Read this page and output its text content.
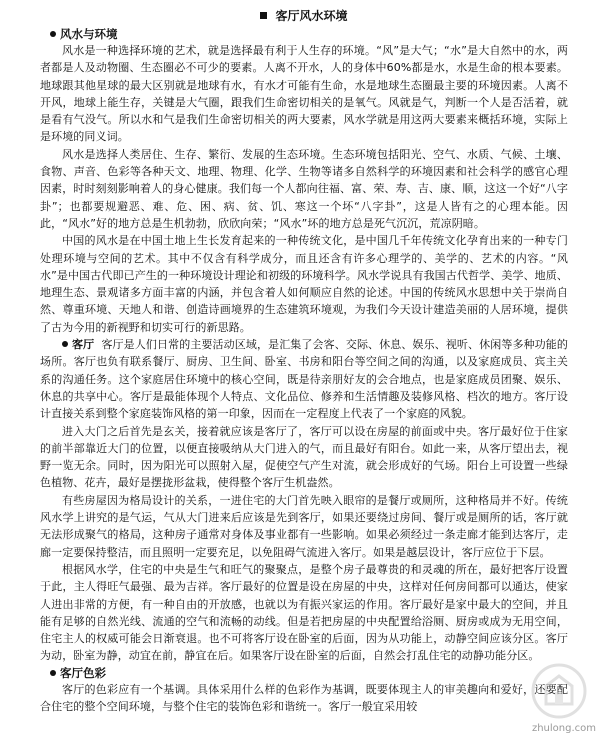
客厅风水环境
风水与环境

风水是一种选择环境的艺术，就是选择最有利于人生存的环境。“风”是大气；“水”是大自然中的水，两者都是人及动物圈、生态圈必不可少的要素。人离不开水，人的身体中60%都是水，水是生命的根本要素。地球跟其他星球的最大区别就是地球有水，有水才可能有生命，水是地球生态圈最主要的环境因素。人离不开风，地球上能生存，关键是大气圈，跟我们生命密切相关的是氧气。风就是气，判断一个人是否活着，就是看有气没气。所以水和气是我们生命密切相关的两大要素，风水学就是用这两大要素来概括环境，实际上是环境的同义词。

风水是选择人类居住、生存、繁衍、发展的生态环境。生态环境包括阳光、空气、水质、气候、土壤、食物、声音、色彩等各种天文、地理、物理、化学、生物等诸多自然科学的环境因素和社会科学的感官心理因素，时时刻刻影响着人的身心健康。我们每一个人都向往福、富、荣、寿、吉、康、顺，这这一个好“八字卦”；也都要规避恶、难、危、困、病、贫、饥、寒这一个坏“八字卦”，这是人皆有之的心理本能。因此，“风水”好的地方总是生机勃勃，欣欣向荣；“风水”坏的地方总是死气沉沉，荒凉阴暗。

中国的风水是在中国土地上生长发育起来的一种传统文化，是中国几千年传统文化孕育出来的一种专门处理环境与空间的艺术。其中不仅含有科学成分，而且还含有许多心理学的、美学的、艺术的内容。“风水”是中国古代即已产生的一种环境设计理论和初级的环境科学。风水学说具有我国古代哲学、美学、地质、地理生态、景观诸多方面丰富的内涵，并包含着人如何顺应自然的论述。中国的传统风水思想中关于崇尚自然、尊重环境、天地人和谐、创造诗画境界的生态建筑环境观，为我们今天设计建造美丽的人居环境，提供了古为今用的新视野和切实可行的新思路。

客厅 客厅是人们日常的主要活动区域，是汇集了会客、交际、休息、娱乐、视听、休闲等多种功能的场所。客厅也负有联系餐厅、厨房、卫生间、卧室、书房和阳台等空间之间的沟通，以及家庭成员、宾主关系的沟通任务。这个家庭居住环境中的核心空间，既是待亲朋好友的会合地点，也是家庭成员团聚、娱乐、休息的共享中心。客厅是最能体现个人特点、文化品位、修养和生活情趣及装修风格、档次的地方。客厅设计直接关系到整个家庭装饰风格的第一印象，因而在一定程度上代表了一个家庭的风貌。

进入大门之后首先是玄关，接着就应该是客厅了，客厅可以设在房屋的前面或中央。客厅最好位于住家的前半部靠近大门的位置，以便直接吸纳从大门进入的气，而且最好有阳台。如此一来，从客厅望出去，视野一览无余。同时，因为阳光可以照射入屋，促使空气产生对流，就会形成好的气场。阳台上可设置一些绿色植物、花卉，最好是摆拢形盆栽，使得整个客厅生机盎然。

有些房屋因为格局设计的关系，一进住宅的大门首先映入眼帘的是餐厅或厕所，这种格局并不好。传统风水学上讲究的是气运，气从大门进来后应该是先到客厅，如果还要绕过房间、餐厅或是厕所的话，客厅就无法形成聚气的格局，这种房子通常对身体及事业都有一些影响。如果必须经过一条走廊才能到达客厅，走廊一定要保持整洁，而且照明一定要充足，以免阻碍气流进入客厅。如果是越层设计，客厅应位于下层。

根据风水学，住宅的中央是生气和旺气的聚聚点，是整个房子最尊贵的和灵魂的所在，最好把客厅设置于此，主人得旺气最强、最为吉祥。客厅最好的位置是设在房屋的中央，这样对任何房间都可以通达，使家人进出非常的方便，有一种自由的开放感，也就以为有振兴家运的作用。客厅最好是家中最大的空间，并且能有足够的自然光线、流通的空气和流畅的动线。但是若把房屋的中央配置给浴厕、厨房或成为无用空间，住宅主人的权威可能会日渐衰退。也不可将客厅设在卧室的后面，因为从功能上，动静空间应该分区。客厅为动，卧室为静，动宜在前，静宜在后。如果客厅设在卧室的后面，自然会打乱住宅的动静功能分区。

客厅色彩

客厅的色彩应有一个基调。具体采用什么样的色彩作为基调，既要体现主人的审美趣向和爱好，还要配合住宅的整个空间环境，与整个住宅的装饰色彩和谐统一。客厅一般宜采用较

zhulong.com
